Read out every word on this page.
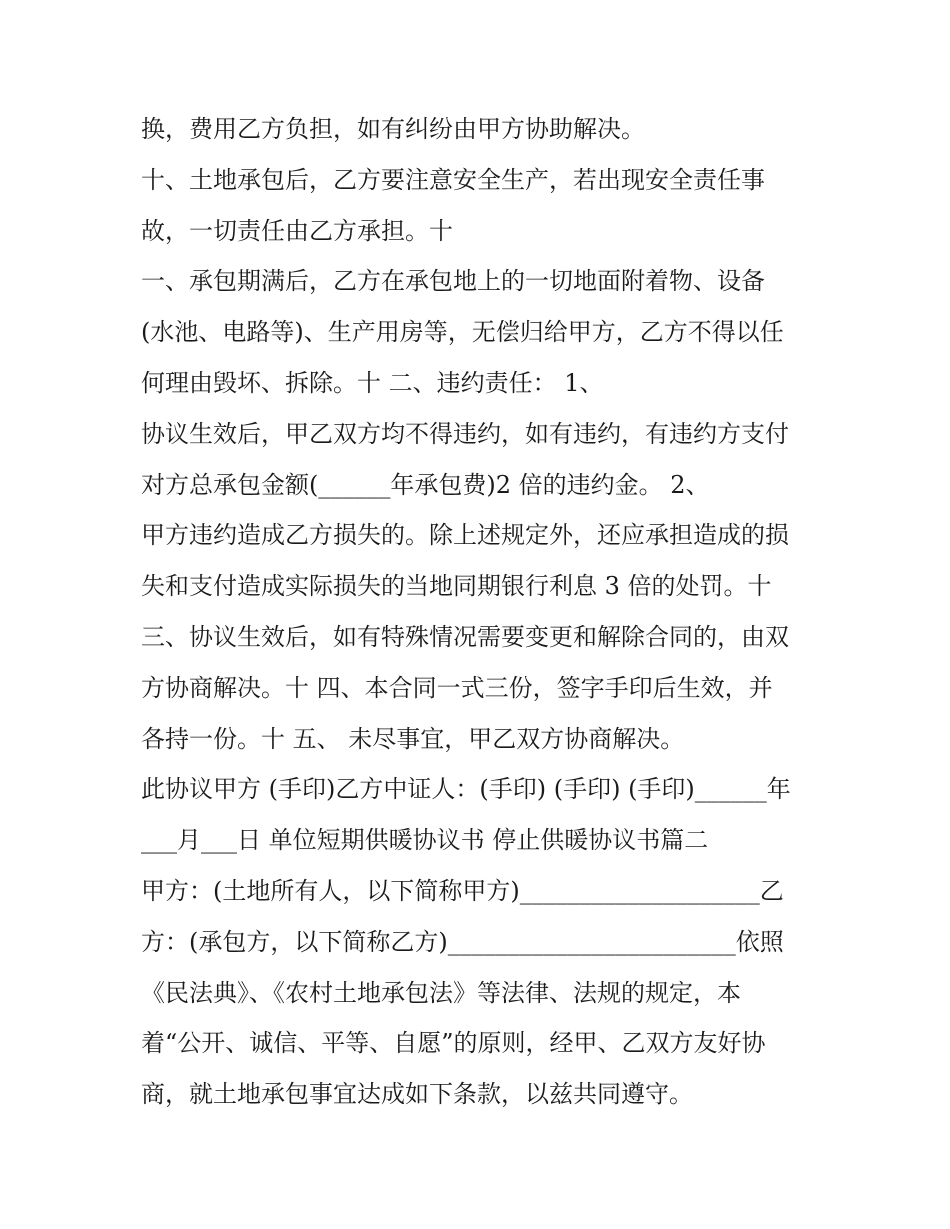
换，费用乙方负担，如有纠纷由甲方协助解决。
十、土地承包后，乙方要注意安全生产，若出现安全责任事
故，一切责任由乙方承担。十
一、承包期满后，乙方在承包地上的一切地面附着物、设备
(水池、电路等)、生产用房等，无偿归给甲方，乙方不得以任
何理由毁坏、拆除。十 二、违约责任： 1、
协议生效后，甲乙双方均不得违约，如有违约，有违约方支付
对方总承包金额(______年承包费)2 倍的违约金。 2、
甲方违约造成乙方损失的。除上述规定外，还应承担造成的损
失和支付造成实际损失的当地同期银行利息 3 倍的处罚。十
三、协议生效后，如有特殊情况需要变更和解除合同的，由双
方协商解决。十 四、本合同一式三份，签字手印后生效，并
各持一份。十 五、 未尽事宜，甲乙双方协商解决。
此协议甲方 (手印)乙方中证人：(手印) (手印) (手印)______年
___月___日 单位短期供暖协议书 停止供暖协议书篇二
甲方：(土地所有人，以下简称甲方)____________________乙
方：(承包方，以下简称乙方)________________________依照
《民法典》、《农村土地承包法》等法律、法规的规定，本
着“公开、诚信、平等、自愿”的原则，经甲、乙双方友好协
商，就土地承包事宜达成如下条款，以兹共同遵守。
